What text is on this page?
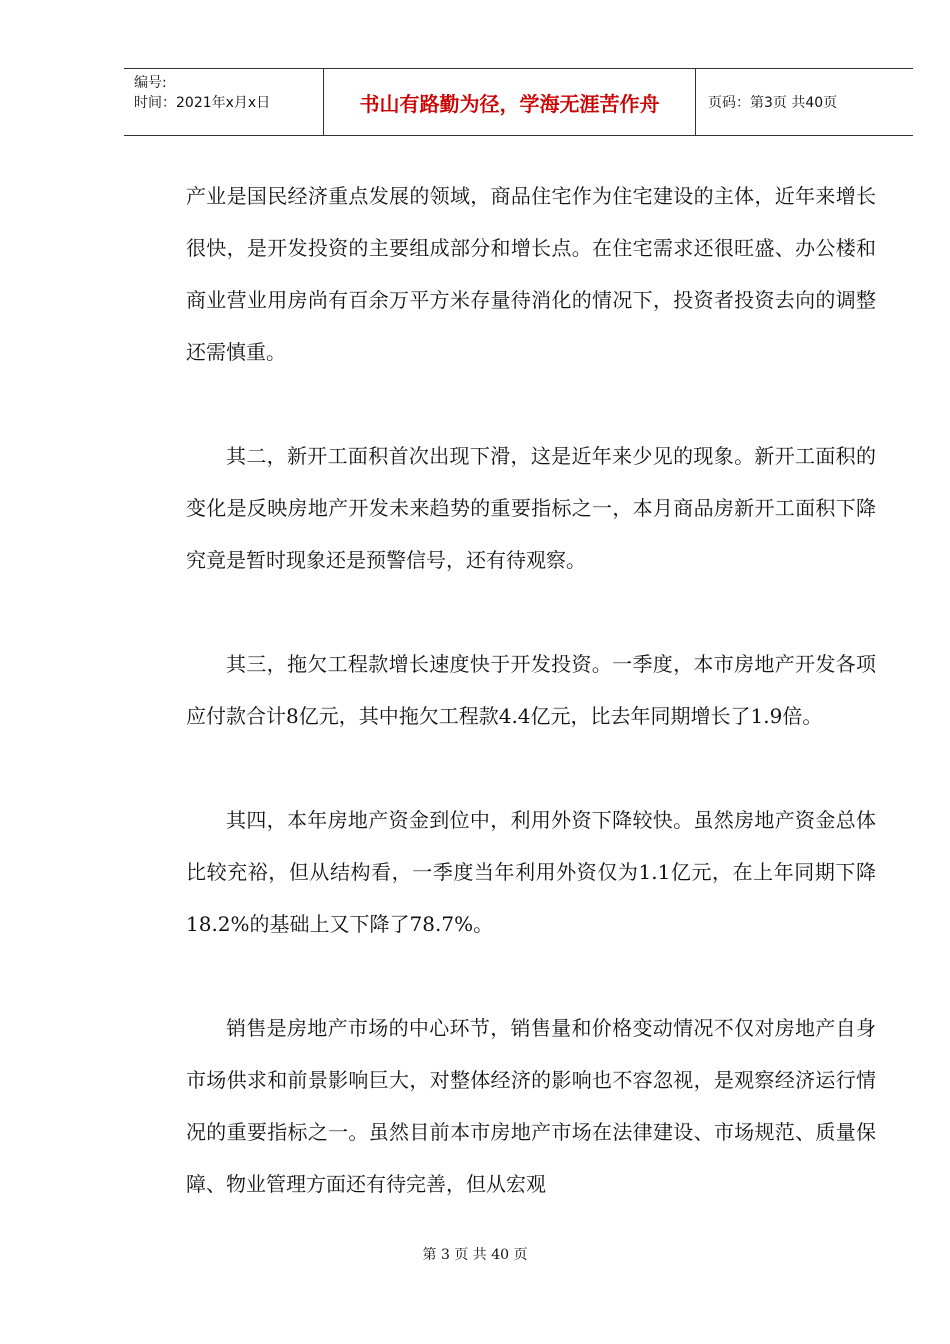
编号:
时间：2021年x月x日	书山有路勤为径，学海无涯苦作舟	页码：第3页 共40页

产业是国民经济重点发展的领域，商品住宅作为住宅建设的主体，近年来增长很快，是开发投资的主要组成部分和增长点。在住宅需求还很旺盛、办公楼和商业营业用房尚有百余万平方米存量待消化的情况下，投资者投资去向的调整还需慎重。

其二，新开工面积首次出现下滑，这是近年来少见的现象。新开工面积的变化是反映房地产开发未来趋势的重要指标之一，本月商品房新开工面积下降究竟是暂时现象还是预警信号，还有待观察。

其三，拖欠工程款增长速度快于开发投资。一季度，本市房地产开发各项应付款合计8亿元，其中拖欠工程款4.4亿元，比去年同期增长了1.9倍。

其四，本年房地产资金到位中，利用外资下降较快。虽然房地产资金总体比较充裕，但从结构看，一季度当年利用外资仅为1.1亿元，在上年同期下降18.2%的基础上又下降了78.7%。

销售是房地产市场的中心环节，销售量和价格变动情况不仅对房地产自身市场供求和前景影响巨大，对整体经济的影响也不容忽视，是观察经济运行情况的重要指标之一。虽然目前本市房地产市场在法律建设、市场规范、质量保障、物业管理方面还有待完善，但从宏观

第 3 页 共 40 页
